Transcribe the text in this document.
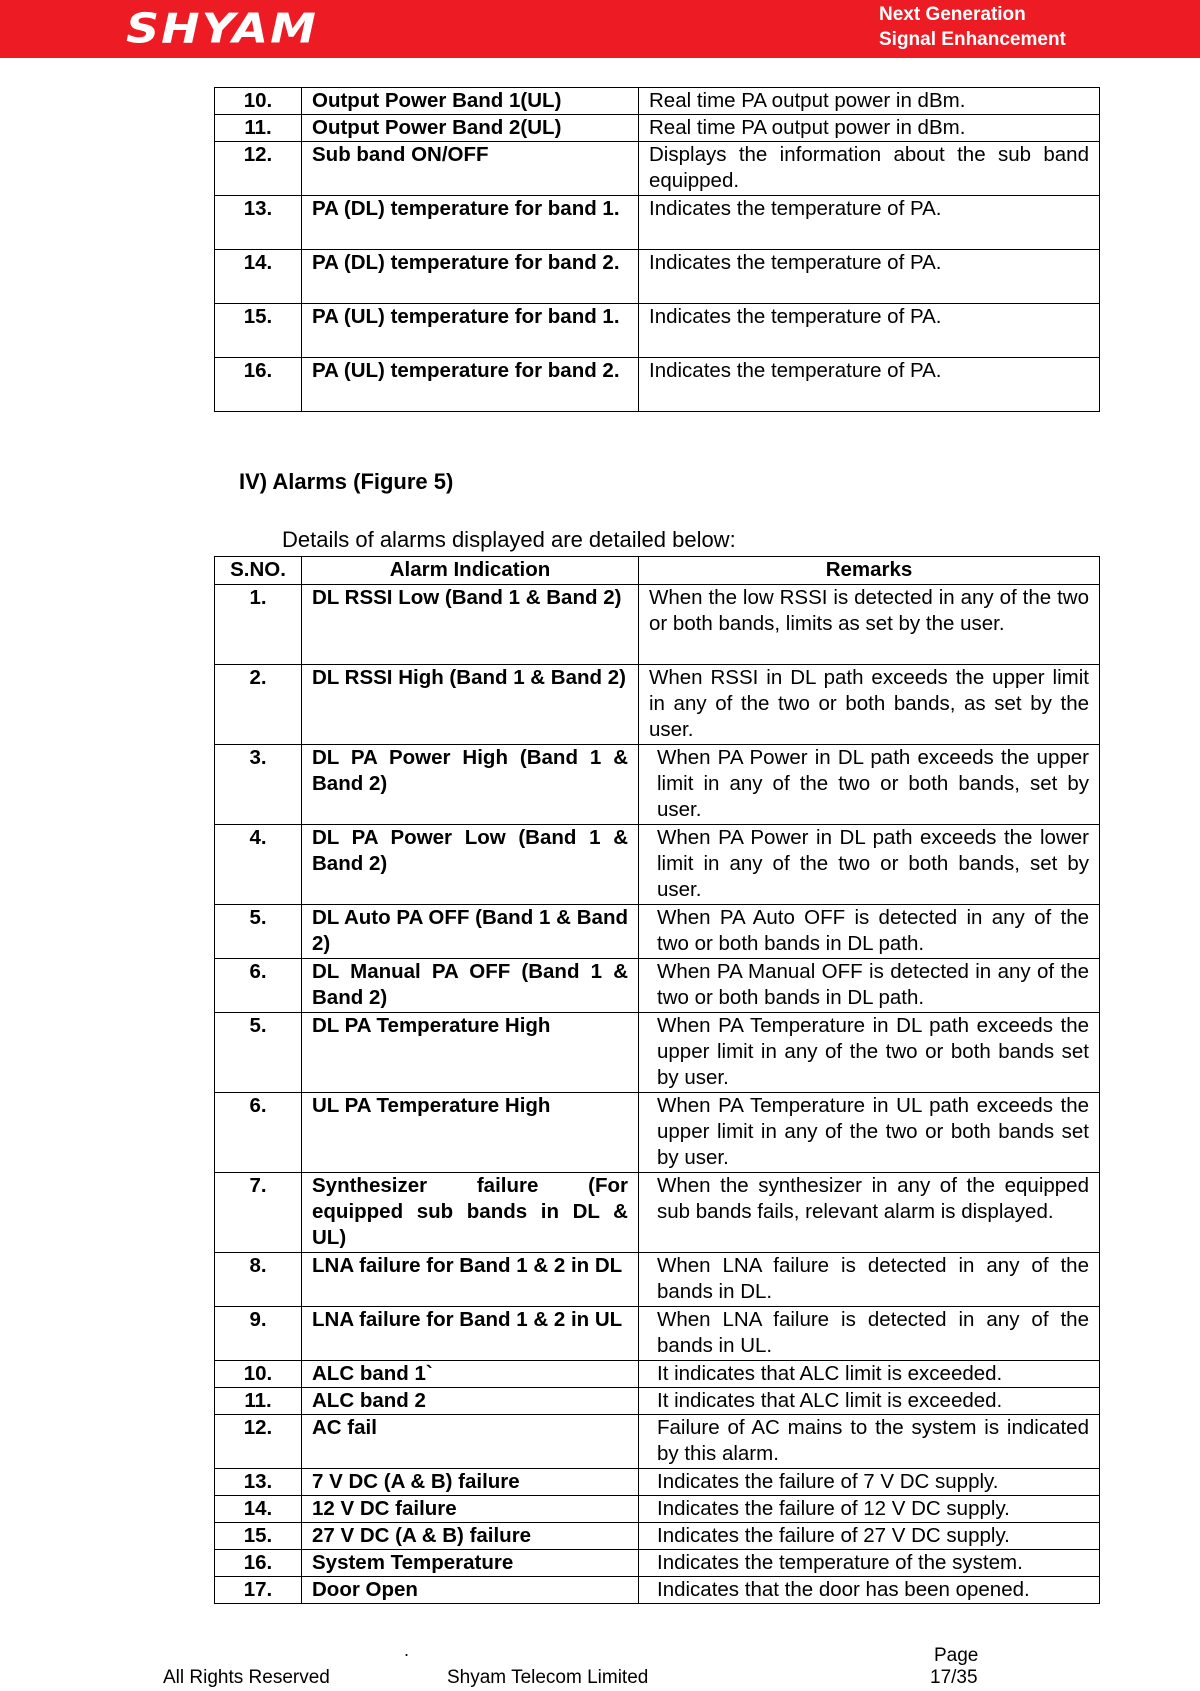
SHYAM	Next Generation
Signal Enhancement
10.	Output Power Band 1(UL)	Real time PA output power in dBm.
11.	Output Power Band 2(UL)	Real time PA output power in dBm.
12.	Sub band ON/OFF	Displays the information about the sub band equipped.
13.	PA (DL) temperature for band 1.	Indicates the temperature of PA.
14.	PA (DL) temperature for band 2.	Indicates the temperature of PA.
15.	PA (UL) temperature for band 1.	Indicates the temperature of PA.
16.	PA (UL) temperature for band 2.	Indicates the temperature of PA.
IV) Alarms (Figure 5)
Details of alarms displayed are detailed below:
S.NO.	Alarm Indication	Remarks
1.	DL RSSI Low (Band 1 & Band 2)	When the low RSSI is detected in any of the two or both bands, limits as set by the user.
2.	DL RSSI High (Band 1 & Band 2)	When RSSI in DL path exceeds the upper limit in any of the two or both bands, as set by the user.
3.	DL PA Power High (Band 1 & Band 2)	When PA Power in DL path exceeds the upper limit in any of the two or both bands, set by user.
4.	DL PA Power Low (Band 1 & Band 2)	When PA Power in DL path exceeds the lower limit in any of the two or both bands, set by user.
5.	DL Auto PA OFF (Band 1 & Band 2)	When PA Auto OFF is detected in any of the two or both bands in DL path.
6.	DL Manual PA OFF (Band 1 & Band 2)	When PA Manual OFF is detected in any of the two or both bands in DL path.
5.	DL PA Temperature High	When PA Temperature in DL path exceeds the upper limit in any of the two or both bands set by user.
6.	UL PA Temperature High	When PA Temperature in UL path exceeds the upper limit in any of the two or both bands set by user.
7.	Synthesizer failure (For equipped sub bands in DL & UL)	When the synthesizer in any of the equipped sub bands fails, relevant alarm is displayed.
8.	LNA failure for Band 1 & 2 in DL	When LNA failure is detected in any of the bands in DL.
9.	LNA failure for Band 1 & 2 in UL	When LNA failure is detected in any of the bands in UL.
10.	ALC band 1`	It indicates that ALC limit is exceeded.
11.	ALC band 2	It indicates that ALC limit is exceeded.
12.	AC fail	Failure of AC mains to the system is indicated by this alarm.
13.	7 V DC (A & B) failure	Indicates the failure of 7 V DC supply.
14.	12 V DC failure	Indicates the failure of 12 V DC supply.
15.	27 V DC (A & B) failure	Indicates the failure of 27 V DC supply.
16.	System Temperature	Indicates the temperature of the system.
17.	Door Open	Indicates that the door has been opened.
.
All Rights Reserved	Shyam Telecom Limited
Page
17/35
